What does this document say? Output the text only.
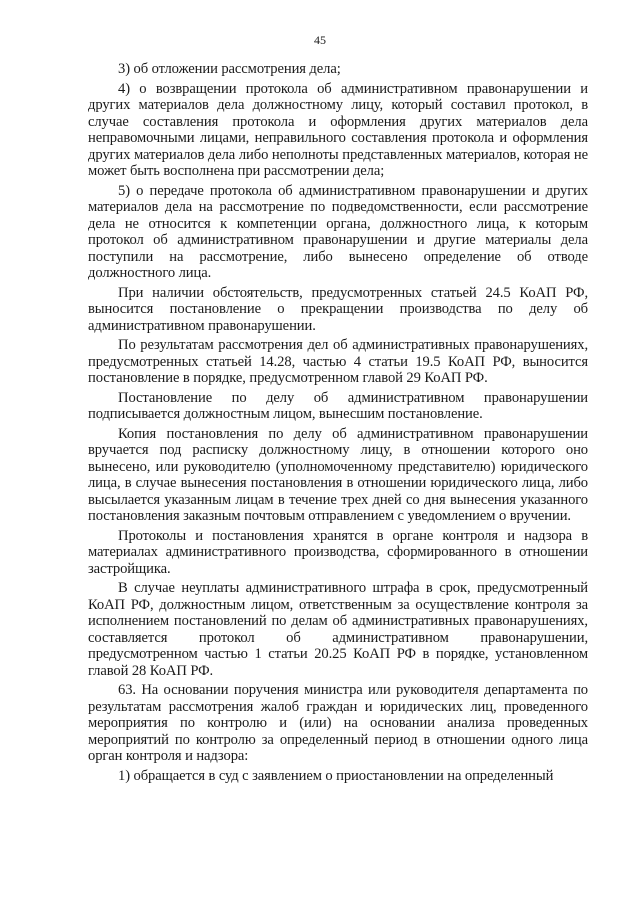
45

3) об отложении рассмотрения дела;

4) о возвращении протокола об административном правонарушении и других материалов дела должностному лицу, который составил протокол, в случае составления протокола и оформления других материалов дела неправомочными лицами, неправильного составления протокола и оформления других материалов дела либо неполноты представленных материалов, которая не может быть восполнена при рассмотрении дела;

5) о передаче протокола об административном правонарушении и других материалов дела на рассмотрение по подведомственности, если рассмотрение дела не относится к компетенции органа, должностного лица, к которым протокол об административном правонарушении и другие материалы дела поступили на рассмотрение, либо вынесено определение об отводе должностного лица.

При наличии обстоятельств, предусмотренных статьей 24.5 КоАП РФ, выносится постановление о прекращении производства по делу об административном правонарушении.

По результатам рассмотрения дел об административных правонарушениях, предусмотренных статьей 14.28, частью 4 статьи 19.5 КоАП РФ, выносится постановление в порядке, предусмотренном главой 29 КоАП РФ.

Постановление по делу об административном правонарушении подписывается должностным лицом, вынесшим постановление.

Копия постановления по делу об административном правонарушении вручается под расписку должностному лицу, в отношении которого оно вынесено, или руководителю (уполномоченному представителю) юридического лица, в случае вынесения постановления в отношении юридического лица, либо высылается указанным лицам в течение трех дней со дня вынесения указанного постановления заказным почтовым отправлением с уведомлением о вручении.

Протоколы и постановления хранятся в органе контроля и надзора в материалах административного производства, сформированного в отношении застройщика.

В случае неуплаты административного штрафа в срок, предусмотренный КоАП РФ, должностным лицом, ответственным за осуществление контроля за исполнением постановлений по делам об административных правонарушениях, составляется протокол об административном правонарушении, предусмотренном частью 1 статьи 20.25 КоАП РФ в порядке, установленном главой 28 КоАП РФ.

63. На основании поручения министра или руководителя департамента по результатам рассмотрения жалоб граждан и юридических лиц, проведенного мероприятия по контролю и (или) на основании анализа проведенных мероприятий по контролю за определенный период в отношении одного лица орган контроля и надзора:

1) обращается в суд с заявлением о приостановлении на определенный
